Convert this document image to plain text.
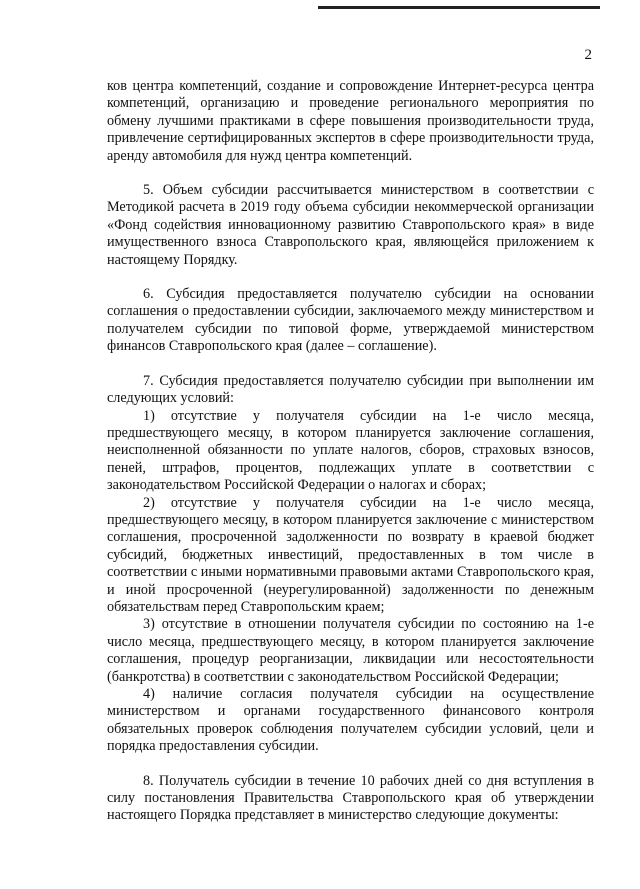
2

ков центра компетенций, создание и сопровождение Интернет-ресурса центра компетенций, организацию и проведение регионального мероприятия по обмену лучшими практиками в сфере повышения производительности труда, привлечение сертифицированных экспертов в сфере производительности труда, аренду автомобиля для нужд центра компетенций.

5. Объем субсидии рассчитывается министерством в соответствии с Методикой расчета в 2019 году объема субсидии некоммерческой организации «Фонд содействия инновационному развитию Ставропольского края» в виде имущественного взноса Ставропольского края, являющейся приложением к настоящему Порядку.

6. Субсидия предоставляется получателю субсидии на основании соглашения о предоставлении субсидии, заключаемого между министерством и получателем субсидии по типовой форме, утверждаемой министерством финансов Ставропольского края (далее – соглашение).

7. Субсидия предоставляется получателю субсидии при выполнении им следующих условий:

1) отсутствие у получателя субсидии на 1-е число месяца, предшествующего месяцу, в котором планируется заключение соглашения, неисполненной обязанности по уплате налогов, сборов, страховых взносов, пеней, штрафов, процентов, подлежащих уплате в соответствии с законодательством Российской Федерации о налогах и сборах;

2) отсутствие у получателя субсидии на 1-е число месяца, предшествующего месяцу, в котором планируется заключение с министерством соглашения, просроченной задолженности по возврату в краевой бюджет субсидий, бюджетных инвестиций, предоставленных в том числе в соответствии с иными нормативными правовыми актами Ставропольского края, и иной просроченной (неурегулированной) задолженности по денежным обязательствам перед Ставропольским краем;

3) отсутствие в отношении получателя субсидии по состоянию на 1-е число месяца, предшествующего месяцу, в котором планируется заключение соглашения, процедур реорганизации, ликвидации или несостоятельности (банкротства) в соответствии с законодательством Российской Федерации;

4) наличие согласия получателя субсидии на осуществление министерством и органами государственного финансового контроля обязательных проверок соблюдения получателем субсидии условий, цели и порядка предоставления субсидии.

8. Получатель субсидии в течение 10 рабочих дней со дня вступления в силу постановления Правительства Ставропольского края об утверждении настоящего Порядка представляет в министерство следующие документы:
